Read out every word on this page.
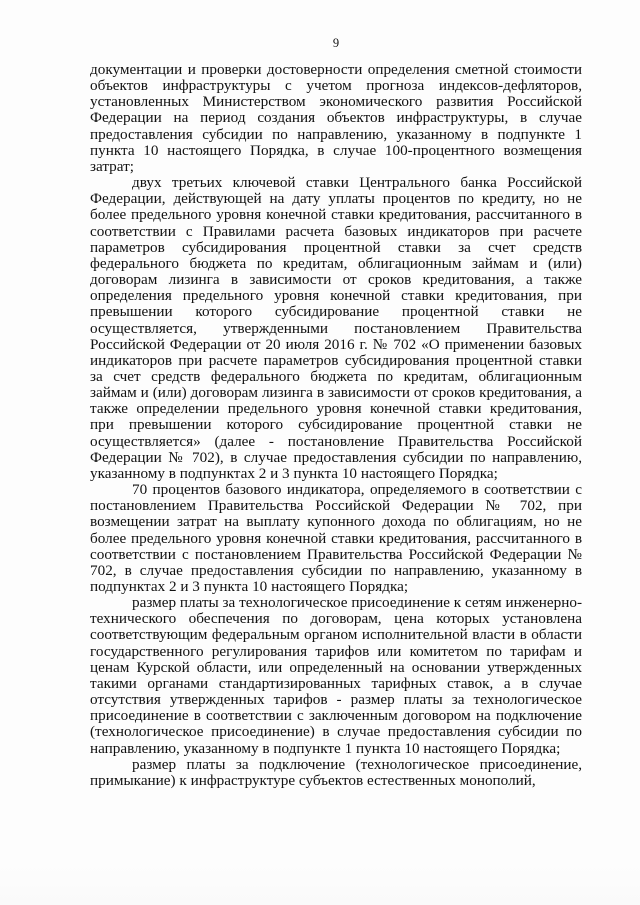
9

документации и проверки достоверности определения сметной стоимости объектов инфраструктуры с учетом прогноза индексов-дефляторов, установленных Министерством экономического развития Российской Федерации на период создания объектов инфраструктуры, в случае предоставления субсидии по направлению, указанному в подпункте 1 пункта 10 настоящего Порядка, в случае 100-процентного возмещения затрат;

двух третьих ключевой ставки Центрального банка Российской Федерации, действующей на дату уплаты процентов по кредиту, но не более предельного уровня конечной ставки кредитования, рассчитанного в соответствии с Правилами расчета базовых индикаторов при расчете параметров субсидирования процентной ставки за счет средств федерального бюджета по кредитам, облигационным займам и (или) договорам лизинга в зависимости от сроков кредитования, а также определения предельного уровня конечной ставки кредитования, при превышении которого субсидирование процентной ставки не осуществляется, утвержденными постановлением Правительства Российской Федерации от 20 июля 2016 г. № 702 «О применении базовых индикаторов при расчете параметров субсидирования процентной ставки за счет средств федерального бюджета по кредитам, облигационным займам и (или) договорам лизинга в зависимости от сроков кредитования, а также определении предельного уровня конечной ставки кредитования, при превышении которого субсидирование процентной ставки не осуществляется» (далее - постановление Правительства Российской Федерации № 702), в случае предоставления субсидии по направлению, указанному в подпунктах 2 и 3 пункта 10 настоящего Порядка;

70 процентов базового индикатора, определяемого в соответствии с постановлением Правительства Российской Федерации № 702, при возмещении затрат на выплату купонного дохода по облигациям, но не более предельного уровня конечной ставки кредитования, рассчитанного в соответствии с постановлением Правительства Российской Федерации № 702, в случае предоставления субсидии по направлению, указанному в подпунктах 2 и 3 пункта 10 настоящего Порядка;

размер платы за технологическое присоединение к сетям инженерно-технического обеспечения по договорам, цена которых установлена соответствующим федеральным органом исполнительной власти в области государственного регулирования тарифов или комитетом по тарифам и ценам Курской области, или определенный на основании утвержденных такими органами стандартизированных тарифных ставок, а в случае отсутствия утвержденных тарифов - размер платы за технологическое присоединение в соответствии с заключенным договором на подключение (технологическое присоединение) в случае предоставления субсидии по направлению, указанному в подпункте 1 пункта 10 настоящего Порядка;

размер платы за подключение (технологическое присоединение, примыкание) к инфраструктуре субъектов естественных монополий,
